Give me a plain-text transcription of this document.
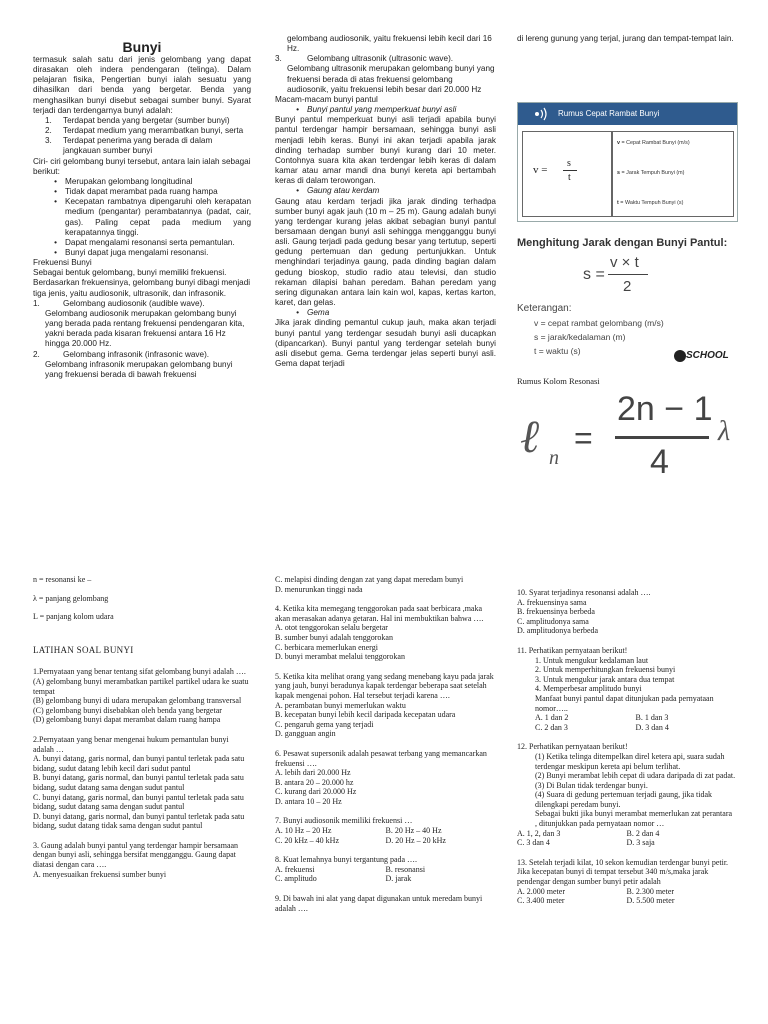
Bunyi

termasuk salah satu dari jenis gelombang yang dapat dirasakan oleh indera pendengaran (telinga). Dalam pelajaran fisika, Pengertian bunyi ialah sesuatu yang dihasilkan dari benda yang bergetar. Benda yang menghasilkan bunyi disebut sebagai sumber bunyi. Syarat terjadi dan terdengarnya bunyi adalah:

1.	Terdapat benda yang bergetar (sumber bunyi)
2.	Terdapat medium yang merambatkan bunyi, serta
3.	Terdapat penerima yang berada di dalam jangkauan sumber bunyi

Ciri- ciri gelombang bunyi tersebut, antara lain ialah sebagai berikut:

• Merupakan gelombang longitudinal
• Tidak dapat merambat pada ruang hampa
• Kecepatan rambatnya dipengaruhi oleh kerapatan medium (pengantar) perambatannya (padat, cair, gas). Paling cepat pada medium yang kerapatannya tinggi.
• Dapat mengalami resonansi serta pemantulan.
• Bunyi dapat juga mengalami resonansi.

Frekuensi Bunyi

Sebagai bentuk gelombang, bunyi memiliki frekuensi. Berdasarkan frekuensinya, gelombang bunyi dibagi menjadi tiga jenis, yaitu audiosonik, ultrasonik, dan infrasonik.

1.	Gelombang audiosonik (audible wave).

Gelombang audiosonik merupakan gelombang bunyi yang berada pada rentang frekuensi pendengaran kita, yakni berada pada kisaran frekuensi antara 16 Hz hingga 20.000 Hz.

2.	Gelombang infrasonik (infrasonic wave).

Gelombang infrasonik merupakan gelombang bunyi yang frekuensi berada di bawah frekuensi

gelombang audiosonik, yaitu frekuensi lebih kecil dari 16 Hz.

3.	Gelombang ultrasonik (ultrasonic wave).

Gelombang ultrasonik merupakan gelombang bunyi yang frekuensi berada di atas frekuensi gelombang audiosonik, yaitu frekuensi lebih besar dari 20.000 Hz

Macam-macam bunyi pantul

• Bunyi pantul yang memperkuat bunyi asli

Bunyi pantul memperkuat bunyi asli terjadi apabila bunyi pantul terdengar hampir bersamaan, sehingga bunyi asli menjadi lebih keras. Bunyi ini akan terjadi apabila jarak dinding terhadap sumber bunyi kurang dari 10 meter. Contohnya suara kita akan terdengar lebih keras di dalam kamar atau amar mandi dna bunyi kereta api bertambah keras di dalam terowongan.

• Gaung atau kerdam

Gaung atau kerdam terjadi jika jarak dinding terhadpa sumber bunyi agak jauh (10 m – 25 m). Gaung adalah bunyi yang terdengar kurang jelas akibat sebagian bunyi pantul bersamaan dengan bunyi asli sehingga mengganggu bunyi asli. Gaung terjadi pada gedung besar yang tertutup, seperti gedung pertemuan dan gedung pertunjukkan. Untuk menghindari terjadinya gaung, pada dinding bagian dalam gedung bioskop, studio radio atau televisi, dan studio rekaman dilapisi bahan peredam. Bahan peredam yang sering digunakan antara lain kain wol, kapas, kertas karton, karet, dan gelas.

• Gema

Jika jarak dinding pemantul cukup jauh, maka akan terjadi bunyi pantul yang terdengar sesudah bunyi asli ducapkan (dipancarkan). Bunyi pantul yang terdengar setelah bunyi asli disebut gema. Gema terdengar jelas seperti bunyi asli. Gema dapat terjadi

di lereng gunung yang terjal, jurang dan tempat-tempat lain.

Rumus Cepat Rambat Bunyi
v =
s
t
v = Cepat Rambat Bunyi (m/s)
s = Jarak Tempuh Bunyi (m)
t = Waktu Tempuh Bunyi (s)
Menghitung Jarak dengan Bunyi Pantul:
s =
v × t
2
Keterangan:
v = cepat rambat gelombang (m/s)
s = jarak/kedalaman (m)
t = waktu (s)	SCHOOL
Rumus Kolom Resonasi
ℓ n
=
2n − 1
4
λ

n = resonansi ke –

λ = panjang gelombang

L = panjang kolom udara

LATIHAN SOAL BUNYI

1.Pernyataan yang benar tentang sifat gelombang bunyi adalah ….

(A) gelombang bunyi merambatkan partikel partikel udara ke suatu tempat

(B) gelombang bunyi di udara merupakan gelombang transversal

(C) gelombang bunyi disebabkan oleh benda yang bergetar

(D) gelombang bunyi dapat merambat dalam ruang hampa

2.Pernyataan yang benar mengenai hukum pemantulan bunyi adalah …

A. bunyi datang, garis normal, dan bunyi pantul terletak pada satu bidang, sudut datang lebih kecil dari sudut pantul

B. bunyi datang, garis normal, dan bunyi pantul terletak pada satu bidang, sudut datang sama dengan sudut pantul

C. bunyi datang, garis normal, dan bunyi pantul terletak pada satu bidang, sudut datang sama dengan sudut pantul

D. bunyi datang, garis normal, dan bunyi pantul terletak pada satu bidang, sudut datang tidak sama dengan sudut pantul

3. Gaung adalah bunyi pantul yang terdengar hampir bersamaan dengan bunyi asli, sehingga bersifat mengganggu. Gaung dapat diatasi dengan cara ….

A. menyesuaikan frekuensi sumber bunyi

C. melapisi dinding dengan zat yang dapat meredam bunyi

D. menurunkan tinggi nada

4. Ketika kita memegang tenggorokan pada saat berbicara ,maka akan merasakan adanya getaran. Hal ini membuktikan bahwa ….

A. otot tenggorokan selalu bergetar

B. sumber bunyi adalah tenggorokan

C. berbicara memerlukan energi

D. bunyi merambat melalui tenggorokan

5. Ketika kita melihat orang yang sedang menebang kayu pada jarak yang jauh, bunyi beradunya kapak terdengar beberapa saat setelah kapak mengenai pohon. Hal tersebut terjadi karena ….

A. perambatan bunyi memerlukan waktu

B. kecepatan bunyi lebih kecil daripada kecepatan udara

C. pengaruh gema yang terjadi

D. gangguan angin

6. Pesawat supersonik adalah pesawat terbang yang memancarkan frekuensi ….

A. lebih dari 20.000 Hz

B. antara 20 – 20.000 hz

C. kurang dari 20.000 Hz

D. antara 10 – 20 Hz

7. Bunyi audiosonik memiliki frekuensi …

A. 10 Hz – 20 Hz	B. 20 Hz – 40 Hz
C. 20 kHz – 40 kHz	D. 20 Hz – 20 kHz

8. Kuat lemahnya bunyi tergantung pada ….

A. frekuensi	B. resonansi
C. amplitudo	D. jarak

9. Di bawah ini alat yang dapat digunakan untuk meredam bunyi adalah ….

10. Syarat terjadinya resonansi adalah ….

A. frekuensinya sama

B. frekuensinya berbeda

C. amplitudonya sama

D. amplitudonya berbeda

11. Perhatikan pernyataan berikut!

1. Untuk mengukur kedalaman laut

2. Untuk memperhitungkan frekuensi bunyi

3. Untuk mengukur jarak antara dua tempat

4. Memperbesar amplitudo bunyi

Manfaat bunyi pantul dapat ditunjukan pada pernyataan nomor…..

A. 1 dan 2	B. 1 dan 3
C. 2 dan 3	D. 3 dan 4

12. Perhatikan pernyataan berikut!

(1) Ketika telinga ditempelkan direl ketera api, suara sudah terdengar meskipun kereta api belum terlihat.

(2) Bunyi merambat lebih cepat di udara daripada di zat padat.

(3) Di Bulan tidak terdengar bunyi.

(4) Suara di gedung pertemuan terjadi gaung, jika tidak dilengkapi peredam bunyi.

Sebagai bukti jika bunyi merambat memerlukan zat perantara , ditunjukkan pada pernyataan nomor …

A. 1, 2, dan 3	B. 2 dan 4
C. 3 dan 4	D. 3 saja

13. Setelah terjadi kilat, 10 sekon kemudian terdengar bunyi petir. Jika kecepatan bunyi di tempat tersebut 340 m/s,maka jarak pendengar dengan sumber bunyi petir adalah

A. 2.000 meter	B. 2.300 meter
C. 3.400 meter	D. 5.500 meter
